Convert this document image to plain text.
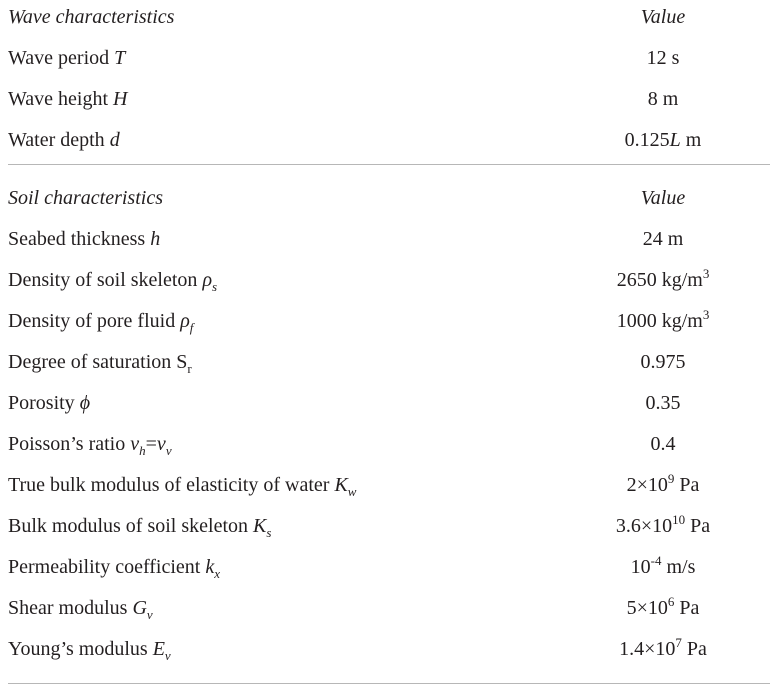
Wave characteristics	Value
Wave period T	12 s
Wave height H	8 m
Water depth d	0.125L m
Soil characteristics	Value
Seabed thickness h	24 m
Density of soil skeleton $\rho_s$	2650 $kg/m^3$
Density of pore fluid $\rho_f$	1000 $kg/m^3$
Degree of saturation $S_r$	0.975
Porosity ϕ	0.35
Poisson’s ratio $\nu_h=\nu_\nu$	0.4
True bulk modulus of elasticity of water $K_w$	$2\times 10^9$ Pa
Bulk modulus of soil skeleton $K_s$	$3.6\times 10^{10}$ Pa
Permeability coefficient $k_x$	$10^{-4}$ m/s
Shear modulus $G_\nu$	$5\times 10^6$ Pa
Young’s modulus $E_\nu$	$1.4\times 10^7$ Pa
